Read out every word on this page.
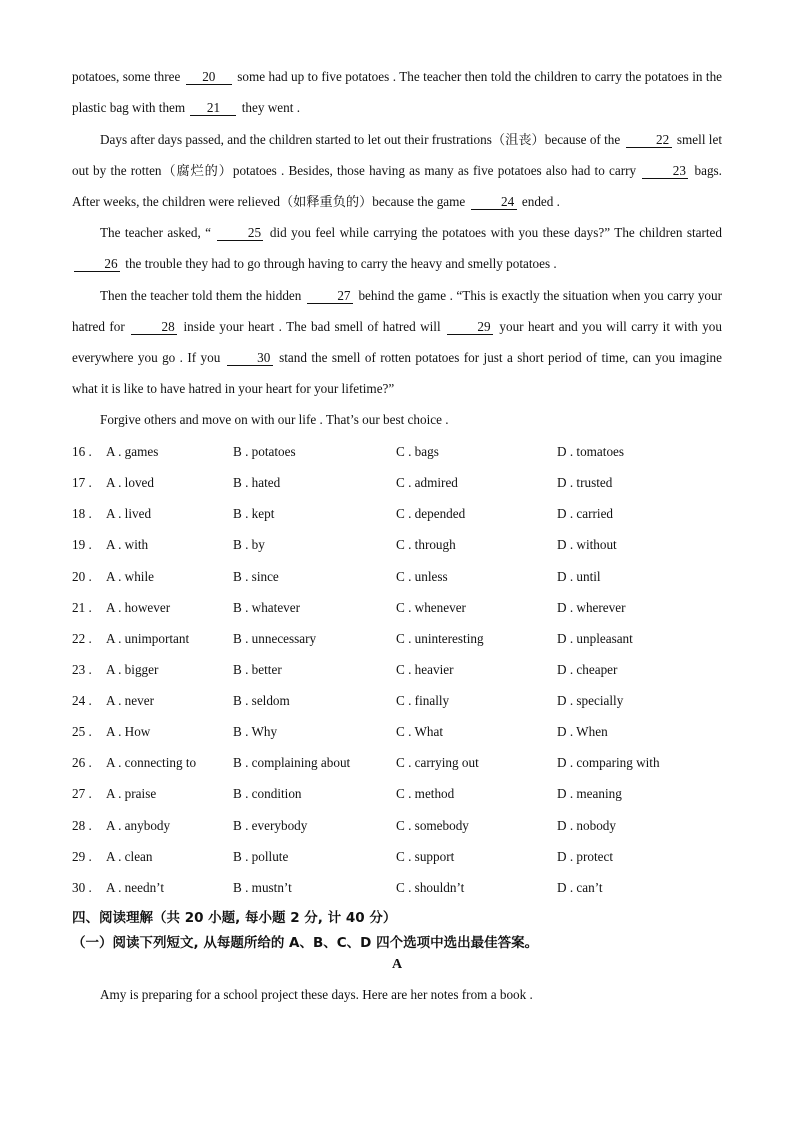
potatoes, some three 20 some had up to five potatoes . The teacher then told the children to carry the potatoes in the plastic bag with them 21 they went .

Days after days passed, and the children started to let out their frustrations（沮丧）because of the 22 smell let out by the rotten（腐烂的）potatoes . Besides, those having as many as five potatoes also had to carry 23 bags. After weeks, the children were relieved（如释重负的）because the game 24 ended .

The teacher asked, “ 25 did you feel while carrying the potatoes with you these days?” The children started 26 the trouble they had to go through having to carry the heavy and smelly potatoes .

Then the teacher told them the hidden 27 behind the game . “This is exactly the situation when you carry your hatred for 28 inside your heart . The bad smell of hatred will 29 your heart and you will carry it with you everywhere you go . If you 30 stand the smell of rotten potatoes for just a short period of time, can you imagine what it is like to have hatred in your heart for your lifetime?”

Forgive others and move on with our life . That’s our best choice .

16 . A . games	B . potatoes	C . bags	D . tomatoes
17 . A . loved	B . hated	C . admired	D . trusted
18 . A . lived	B . kept	C . depended	D . carried
19 . A . with	B . by	C . through	D . without
20 . A . while	B . since	C . unless	D . until
21 . A . however	B . whatever	C . whenever	D . wherever
22 . A . unimportant	B . unnecessary	C . uninteresting	D . unpleasant
23 . A . bigger	B . better	C . heavier	D . cheaper
24 . A . never	B . seldom	C . finally	D . specially
25 . A . How	B . Why	C . What	D . When
26 . A . connecting to	B . complaining about	C . carrying out	D . comparing with
27 . A . praise	B . condition	C . method	D . meaning
28 . A . anybody	B . everybody	C . somebody	D . nobody
29 . A . clean	B . pollute	C . support	D . protect
30 . A . needn’t	B . mustn’t	C . shouldn’t	D . can’t

四、阅读理解（共 20 小题, 每小题 2 分, 计 40 分）

（一）阅读下列短文, 从每题所给的 A、B、C、D 四个选项中选出最佳答案。

A

Amy is preparing for a school project these days. Here are her notes from a book .
